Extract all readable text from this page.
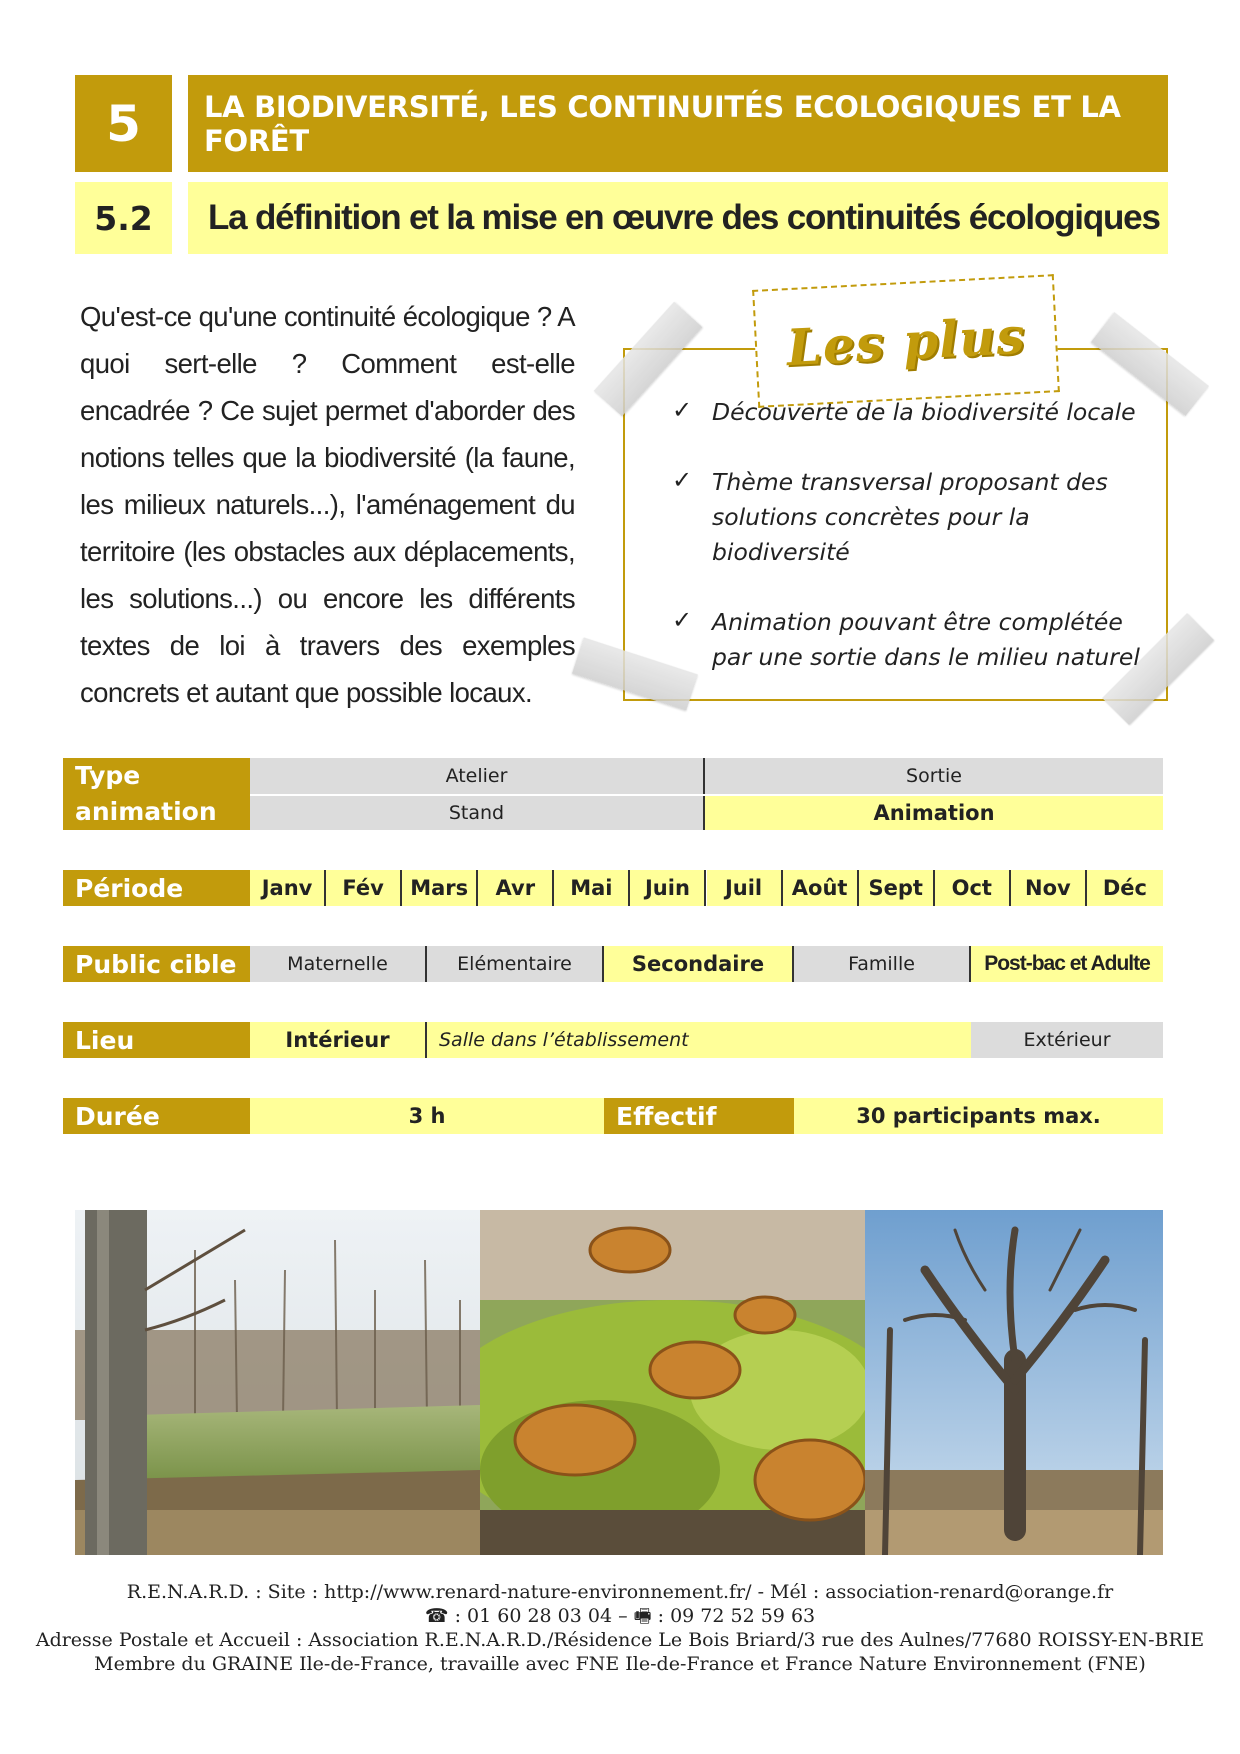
5	LA BIODIVERSITÉ, LES CONTINUITÉS ECOLOGIQUES ET LA FORÊT
5.2	La définition et la mise en œuvre des continuités écologiques

Qu'est-ce qu'une continuité écologique ? A quoi sert-elle ? Comment est-elle encadrée ? Ce sujet permet d'aborder des notions telles que la biodiversité (la faune, les milieux naturels...), l'aménagement du territoire (les obstacles aux déplacements, les solutions...) ou encore les différents textes de loi à travers des exemples concrets et autant que possible locaux.

Les plus
✓ Découverte de la biodiversité locale
✓ Thème transversal proposant des solutions concrètes pour la biodiversité
✓ Animation pouvant être complétée par une sortie dans le milieu naturel
Type animation
Atelier	Sortie
Stand	Animation
Période	Janv	Fév	Mars	Avr	Mai	Juin	Juil	Août	Sept	Oct	Nov	Déc
Public cible	Maternelle	Elémentaire	Secondaire	Famille	Post-bac et Adulte
Lieu	Intérieur	Salle dans l’établissement	Extérieur
Durée	3 h	Effectif	30 participants max.
R.E.N.A.R.D. : Site : http://www.renard-nature-environnement.fr/ - Mél : association-renard@orange.fr
☎ : 01 60 28 03 04 – 🖷 : 09 72 52 59 63
Adresse Postale et Accueil : Association R.E.N.A.R.D./Résidence Le Bois Briard/3 rue des Aulnes/77680 ROISSY-EN-BRIE
Membre du GRAINE Ile-de-France, travaille avec FNE Ile-de-France et France Nature Environnement (FNE)
